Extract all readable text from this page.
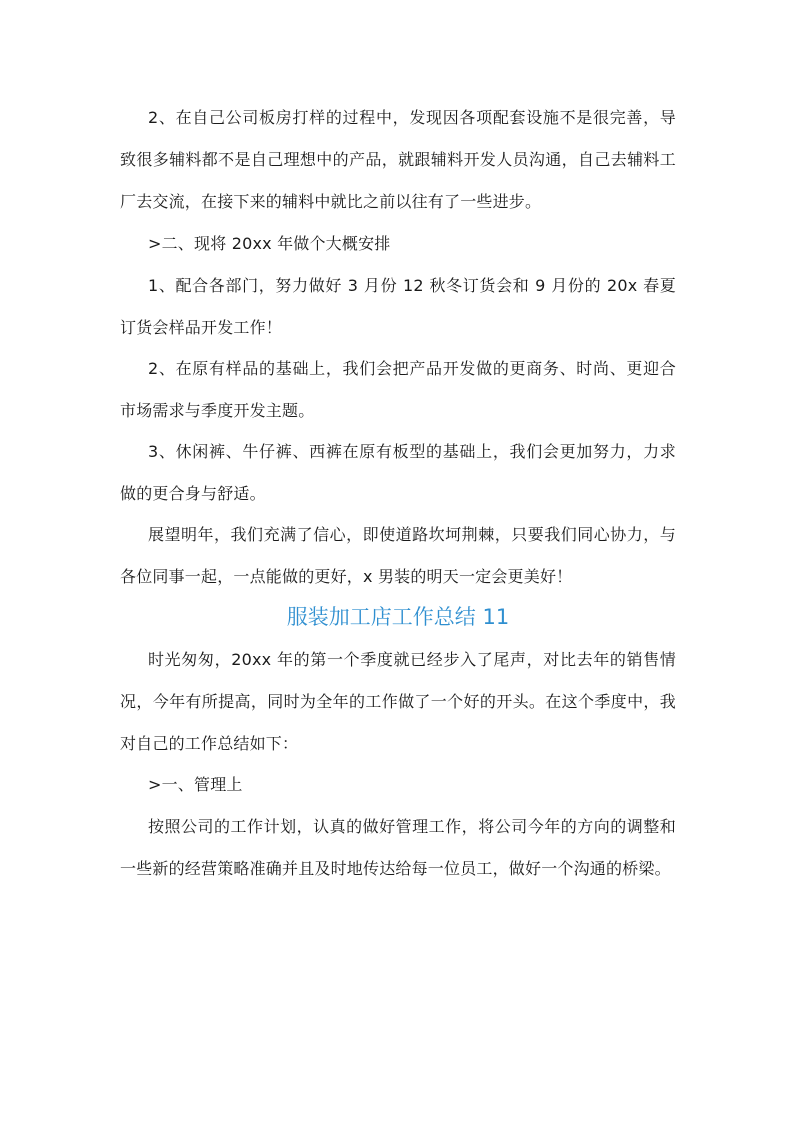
2、在自己公司板房打样的过程中，发现因各项配套设施不是很完善，导致很多辅料都不是自己理想中的产品，就跟辅料开发人员沟通，自己去辅料工厂去交流，在接下来的辅料中就比之前以往有了一些进步。

>二、现将 20xx 年做个大概安排

1、配合各部门，努力做好 3 月份 12 秋冬订货会和 9 月份的 20x 春夏订货会样品开发工作！

2、在原有样品的基础上，我们会把产品开发做的更商务、时尚、更迎合市场需求与季度开发主题。

3、休闲裤、牛仔裤、西裤在原有板型的基础上，我们会更加努力，力求做的更合身与舒适。

展望明年，我们充满了信心，即使道路坎坷荆棘，只要我们同心协力，与各位同事一起，一点能做的更好，x 男装的明天一定会更美好！

服装加工店工作总结 11

时光匆匆，20xx 年的第一个季度就已经步入了尾声，对比去年的销售情况，今年有所提高，同时为全年的工作做了一个好的开头。在这个季度中，我对自己的工作总结如下：

>一、管理上

按照公司的工作计划，认真的做好管理工作，将公司今年的方向的调整和一些新的经营策略准确并且及时地传达给每一位员工，做好一个沟通的桥梁。
